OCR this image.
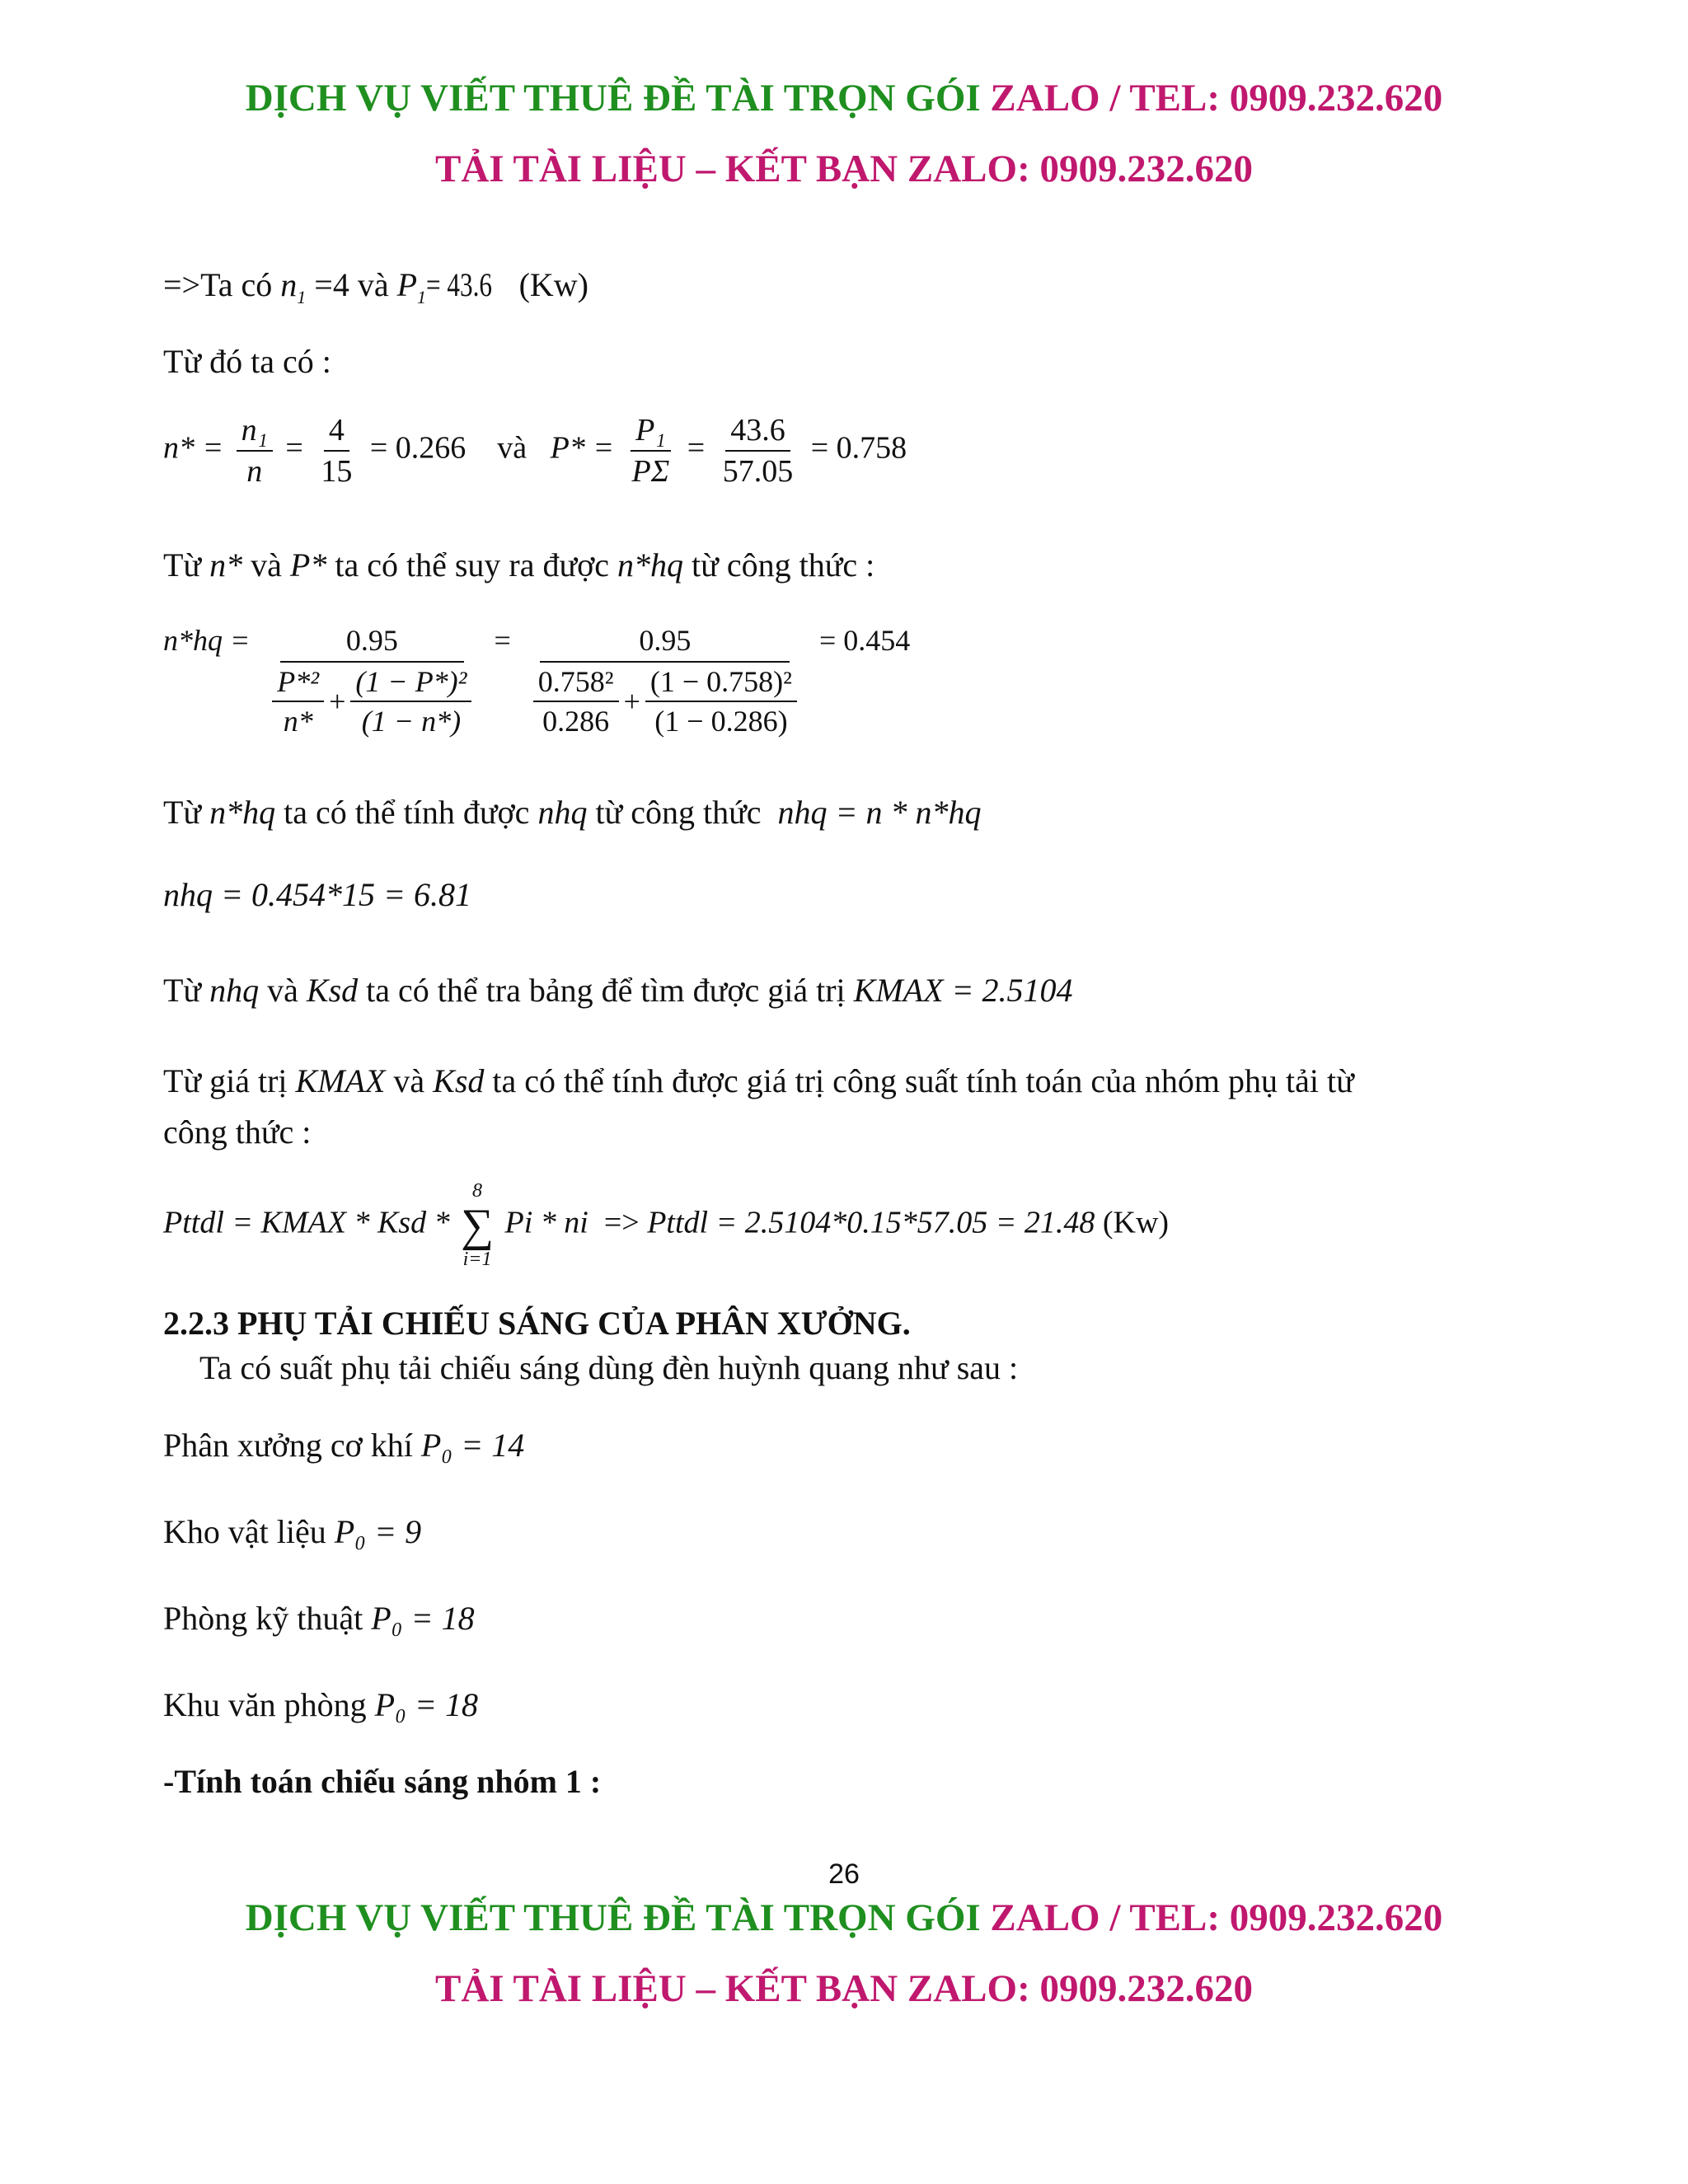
DỊCH VỤ VIẾT THUÊ ĐỀ TÀI TRỌN GÓI ZALO / TEL: 0909.232.620
TẢI TÀI LIỆU – KẾT BẠN ZALO: 0909.232.620
=>Ta có $n_1 =4$ và $P_1= 43.6$ (Kw)
Từ đó ta có :
$n* = \frac{\text{n₁}}{n} = \frac{4}{15} = 0.266$ và $P* = \frac{\text{P₁}}{P\Sigma} = \frac{43.6}{57.05} = 0.758$
Từ n* và P* ta có thể suy ra được n*hq từ công thức :
$n*hq = \frac{0.95}{\frac{\text{P*²}}{n*} + \frac{\text{(1 − P*)²}}{(1 - n*)}} = \frac{0.95}{\frac{\text{0.758²}}{0.286} + \frac{\text{(1 − 0.758)²}}{(1 - 0.286)}} = 0.454$
Từ n*hq ta có thể tính được nhq từ công thức nhq = n * n*hq
nhq = 0.454*15 = 6.81
Từ nhq và Ksd ta có thể tra bảng để tìm được giá trị KMAX = 2.5104
Từ giá trị KMAX và Ksd ta có thể tính được giá trị công suất tính toán của nhóm phụ tải từ
công thức :
Pttdl = KMAX * Ksd *
8
∑
i=1
Pi * ni => Pttdl = 2.5104*0.15*57.05 = 21.48 (Kw)
2.2.3 PHỤ TẢI CHIẾU SÁNG CỦA PHÂN XƯỞNG.
Ta có suất phụ tải chiếu sáng dùng đèn huỳnh quang như sau :
Phân xưởng cơ khí P₀ = 14
Kho vật liệu P₀ = 9
Phòng kỹ thuật P₀ = 18
Khu văn phòng P₀ = 18
-Tính toán chiếu sáng nhóm 1 :
26
DỊCH VỤ VIẾT THUÊ ĐỀ TÀI TRỌN GÓI ZALO / TEL: 0909.232.620
TẢI TÀI LIỆU – KẾT BẠN ZALO: 0909.232.620
